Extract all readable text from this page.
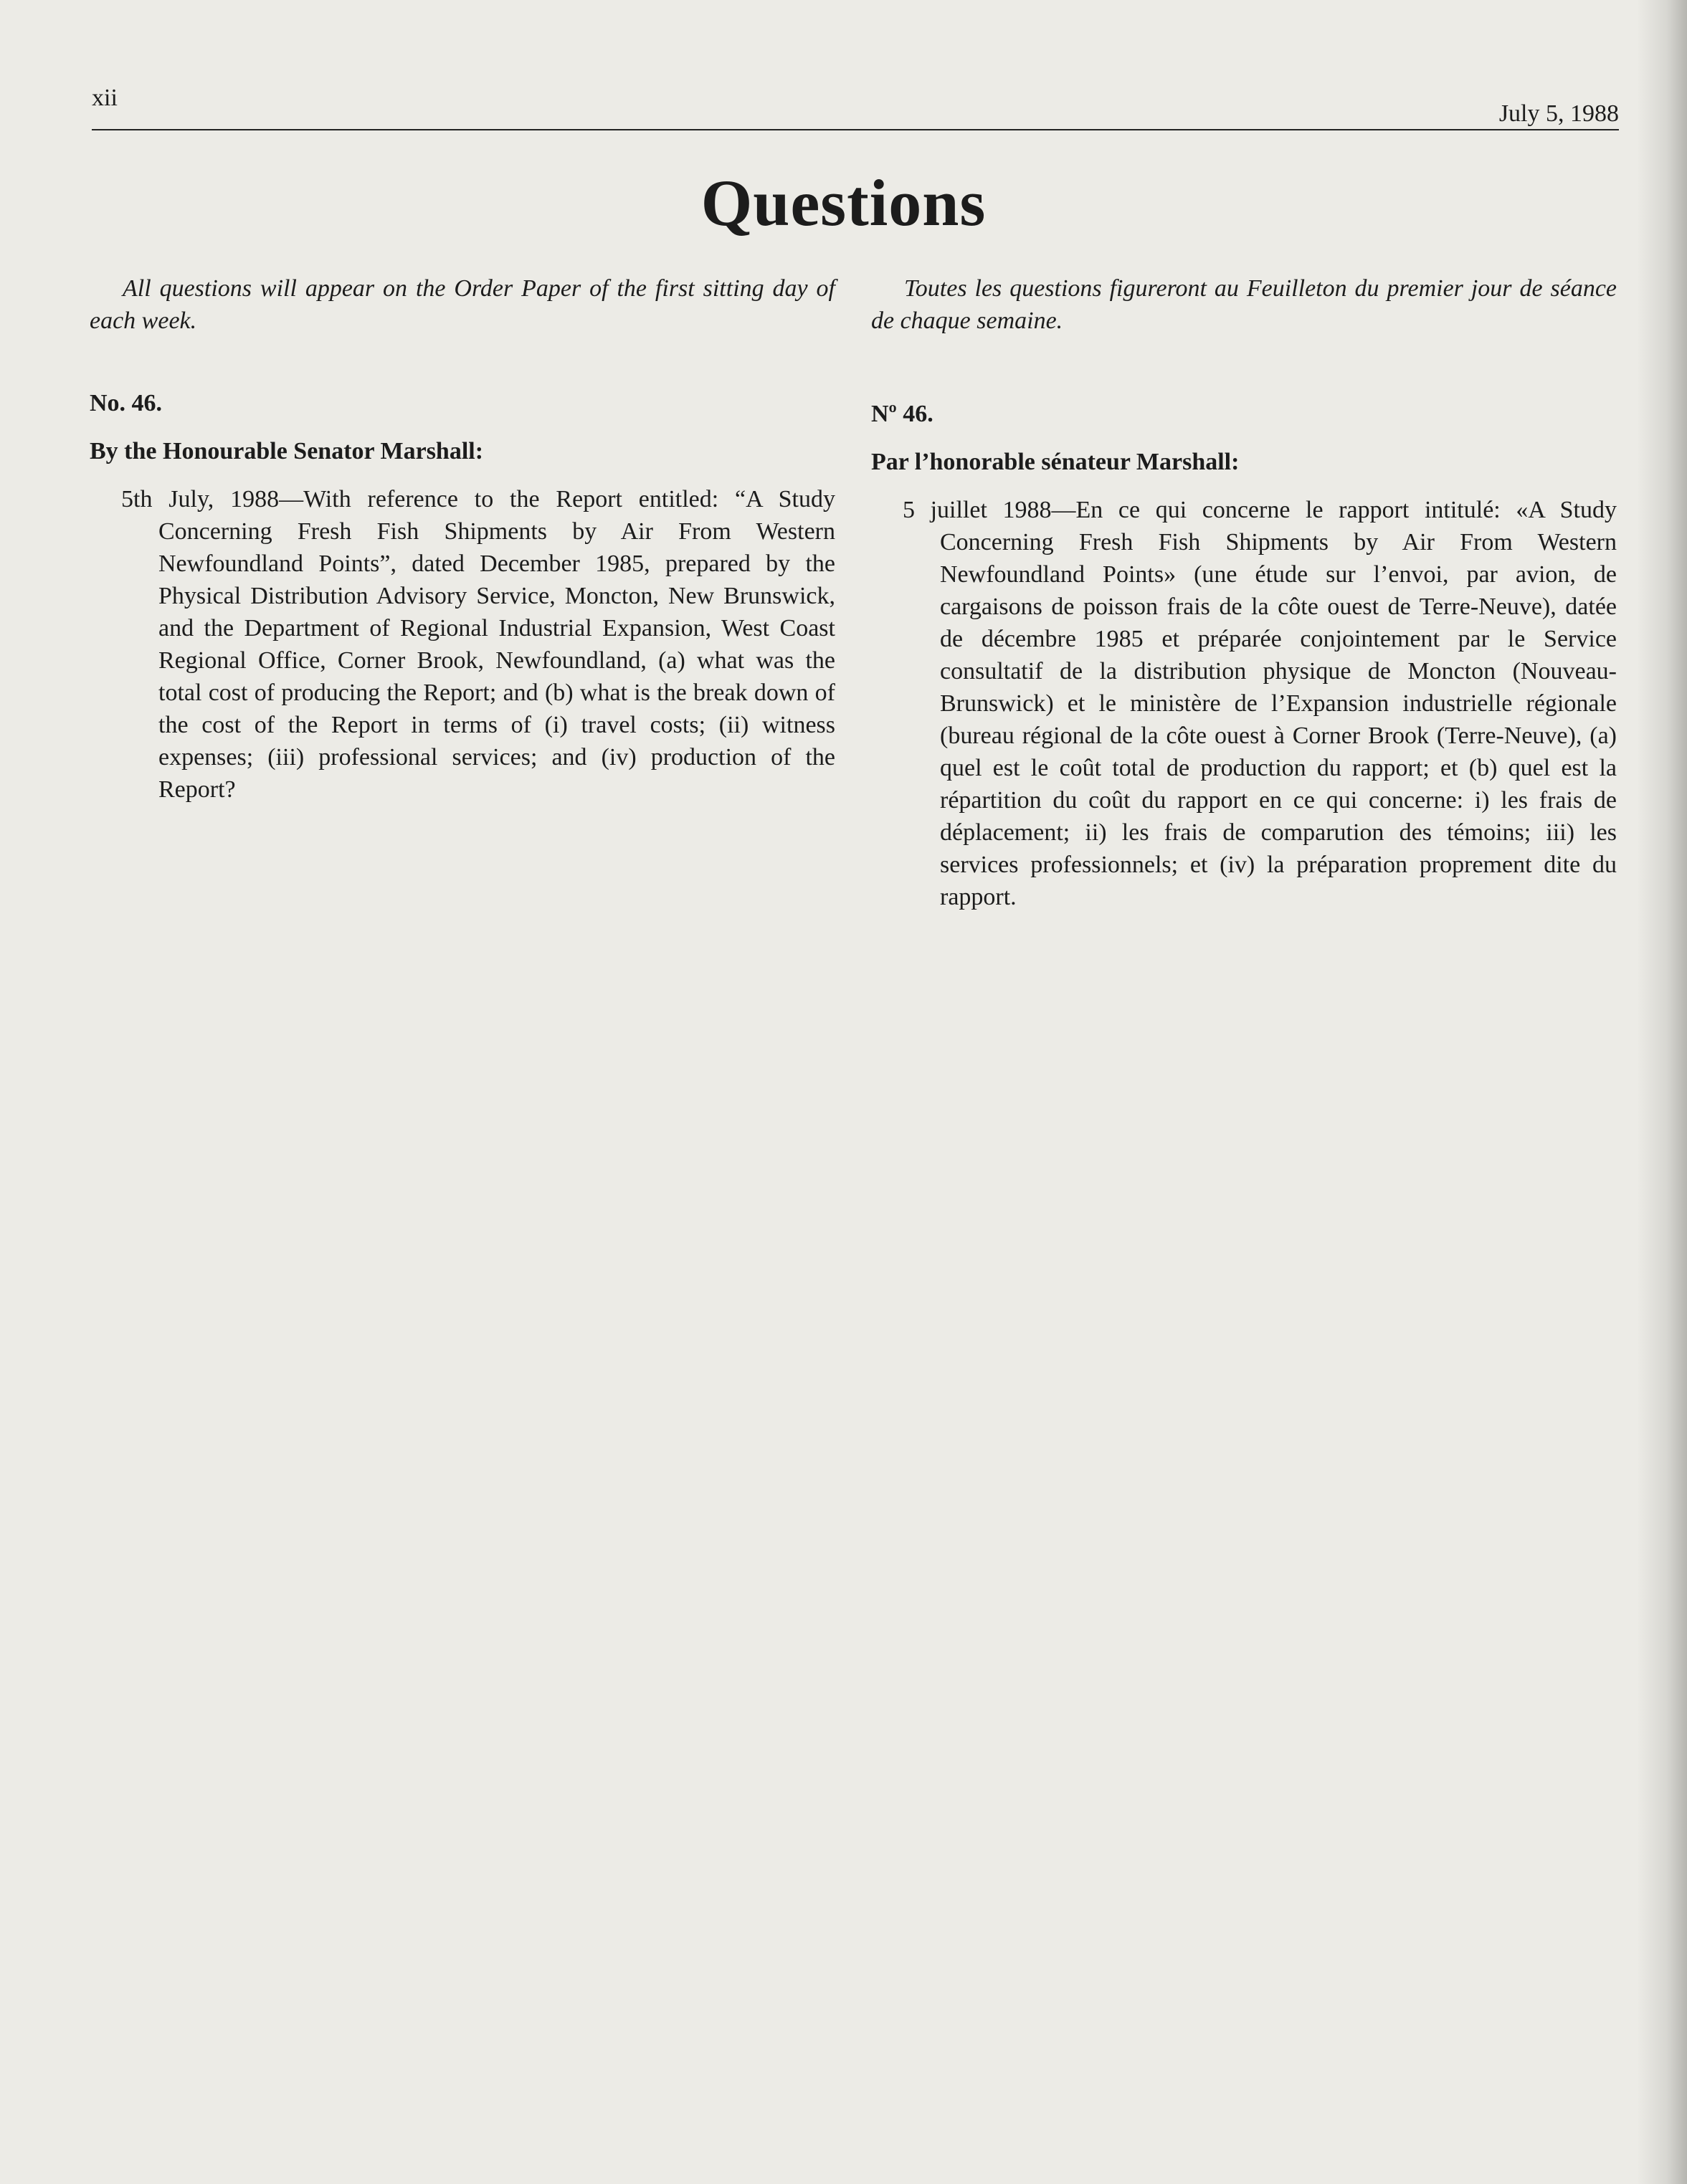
xii
July 5, 1988
Questions

All questions will appear on the Order Paper of the first sitting day of each week.

No. 46.

By the Honourable Senator Marshall:

5th July, 1988—With reference to the Report entitled: “A Study Concerning Fresh Fish Shipments by Air From Western Newfoundland Points”, dated December 1985, prepared by the Physical Distribution Advisory Service, Moncton, New Brunswick, and the Department of Regional Industrial Expansion, West Coast Regional Office, Corner Brook, Newfoundland, (a) what was the total cost of producing the Report; and (b) what is the break down of the cost of the Report in terms of (i) travel costs; (ii) witness expenses; (iii) professional services; and (iv) production of the Report?

Toutes les questions figureront au Feuilleton du premier jour de séance de chaque semaine.

Nº 46.

Par l’honorable sénateur Marshall:

5 juillet 1988—En ce qui concerne le rapport intitulé: «A Study Concerning Fresh Fish Shipments by Air From Western Newfoundland Points» (une étude sur l’envoi, par avion, de cargaisons de poisson frais de la côte ouest de Terre-Neuve), datée de décembre 1985 et préparée conjointement par le Service consultatif de la distribution physique de Moncton (Nouveau-Brunswick) et le ministère de l’Expansion industrielle régionale (bureau régional de la côte ouest à Corner Brook (Terre-Neuve), (a) quel est le coût total de production du rapport; et (b) quel est la répartition du coût du rapport en ce qui concerne: i) les frais de déplacement; ii) les frais de comparution des témoins; iii) les services professionnels; et (iv) la préparation proprement dite du rapport.
